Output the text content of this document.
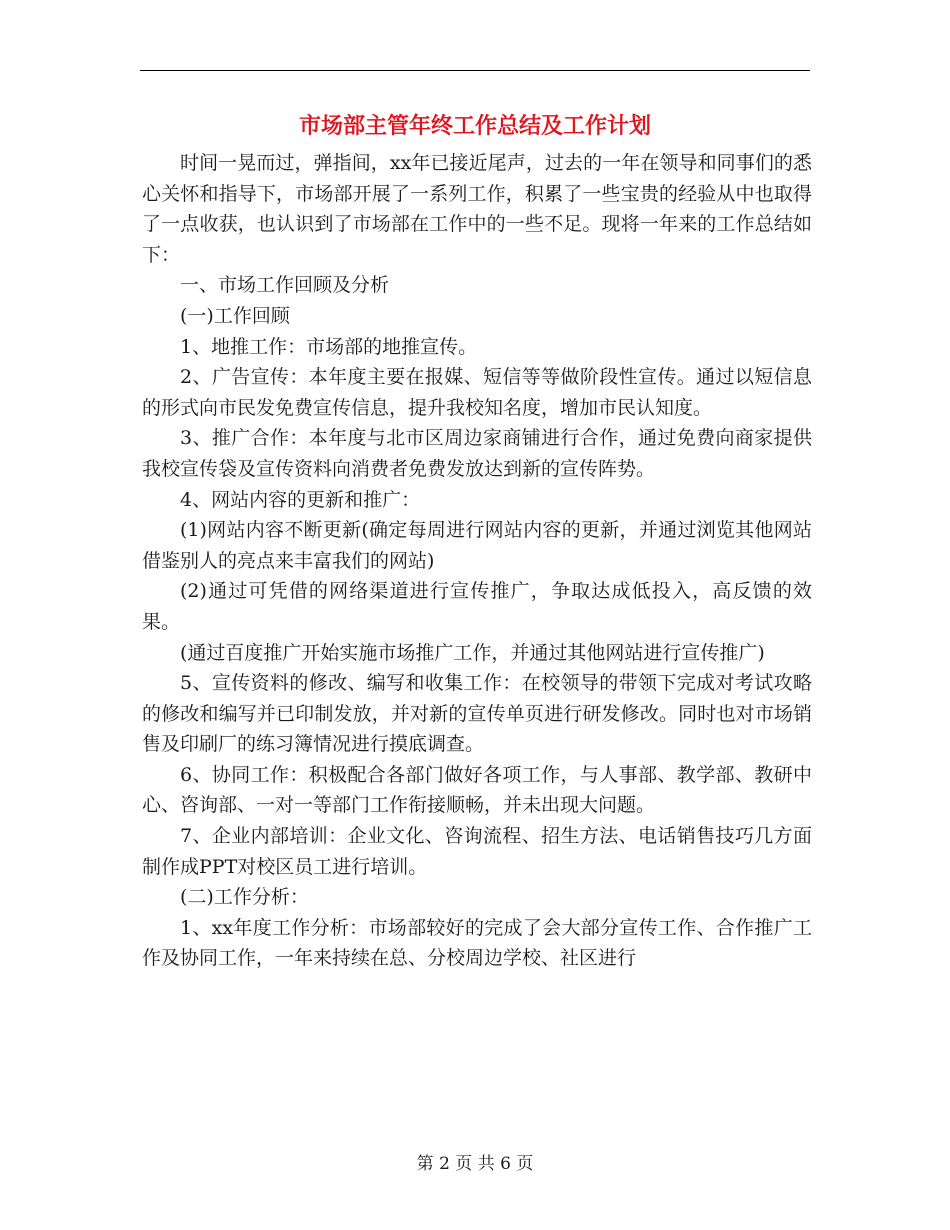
市场部主管年终工作总结及工作计划

时间一晃而过，弹指间，xx年已接近尾声，过去的一年在领导和同事们的悉心关怀和指导下，市场部开展了一系列工作，积累了一些宝贵的经验从中也取得了一点收获，也认识到了市场部在工作中的一些不足。现将一年来的工作总结如下：

一、市场工作回顾及分析

(一)工作回顾

1、地推工作：市场部的地推宣传。

2、广告宣传：本年度主要在报媒、短信等等做阶段性宣传。通过以短信息的形式向市民发免费宣传信息，提升我校知名度，增加市民认知度。

3、推广合作：本年度与北市区周边家商铺进行合作，通过免费向商家提供我校宣传袋及宣传资料向消费者免费发放达到新的宣传阵势。

4、网站内容的更新和推广：

(1)网站内容不断更新(确定每周进行网站内容的更新，并通过浏览其他网站借鉴别人的亮点来丰富我们的网站)

(2)通过可凭借的网络渠道进行宣传推广，争取达成低投入，高反馈的效果。

(通过百度推广开始实施市场推广工作，并通过其他网站进行宣传推广)

5、宣传资料的修改、编写和收集工作：在校领导的带领下完成对考试攻略的修改和编写并已印制发放，并对新的宣传单页进行研发修改。同时也对市场销售及印刷厂的练习簿情况进行摸底调查。

6、协同工作：积极配合各部门做好各项工作，与人事部、教学部、教研中心、咨询部、一对一等部门工作衔接顺畅，并未出现大问题。

7、企业内部培训：企业文化、咨询流程、招生方法、电话销售技巧几方面制作成PPT对校区员工进行培训。

(二)工作分析：

1、xx年度工作分析：市场部较好的完成了会大部分宣传工作、合作推广工作及协同工作，一年来持续在总、分校周边学校、社区进行

第 2 页 共 6 页
